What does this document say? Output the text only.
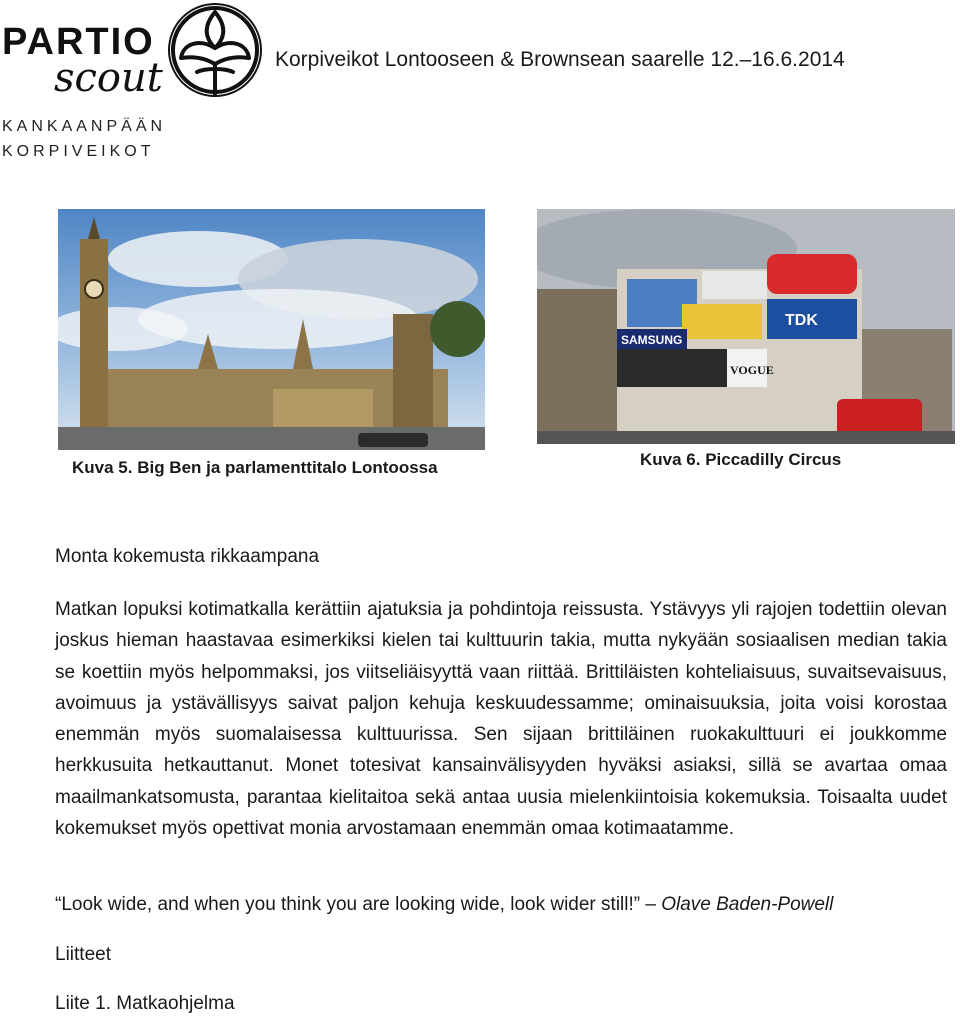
PARTIO
scout
KANKAANPÄÄN
KORPIVEIKOT
Korpiveikot Lontooseen & Brownsean saarelle 12.–16.6.2014
TDK
SAMSUNG
VOGUE
Kuva 5. Big Ben ja parlamenttitalo Lontoossa	Kuva 6. Piccadilly Circus
Monta kokemusta rikkaampana

Matkan lopuksi kotimatkalla kerättiin ajatuksia ja pohdintoja reissusta. Ystävyys yli rajojen todettiin olevan joskus hieman haastavaa esimerkiksi kielen tai kulttuurin takia, mutta nykyään sosiaalisen median takia se koettiin myös helpommaksi, jos viitseliäisyyttä vaan riittää. Brittiläisten kohteliaisuus, suvaitsevaisuus, avoimuus ja ystävällisyys saivat paljon kehuja keskuudessamme; ominaisuuksia, joita voisi korostaa enemmän myös suomalaisessa kulttuurissa. Sen sijaan brittiläinen ruokakulttuuri ei joukkomme herkkusuita hetkauttanut. Monet totesivat kansainvälisyyden hyväksi asiaksi, sillä se avartaa omaa maailmankatsomusta, parantaa kielitaitoa sekä antaa uusia mielenkiintoisia kokemuksia. Toisaalta uudet kokemukset myös opettivat monia arvostamaan enemmän omaa kotimaatamme.

“Look wide, and when you think you are looking wide, look wider still!” – Olave Baden-Powell
Liitteet
Liite 1. Matkaohjelma
